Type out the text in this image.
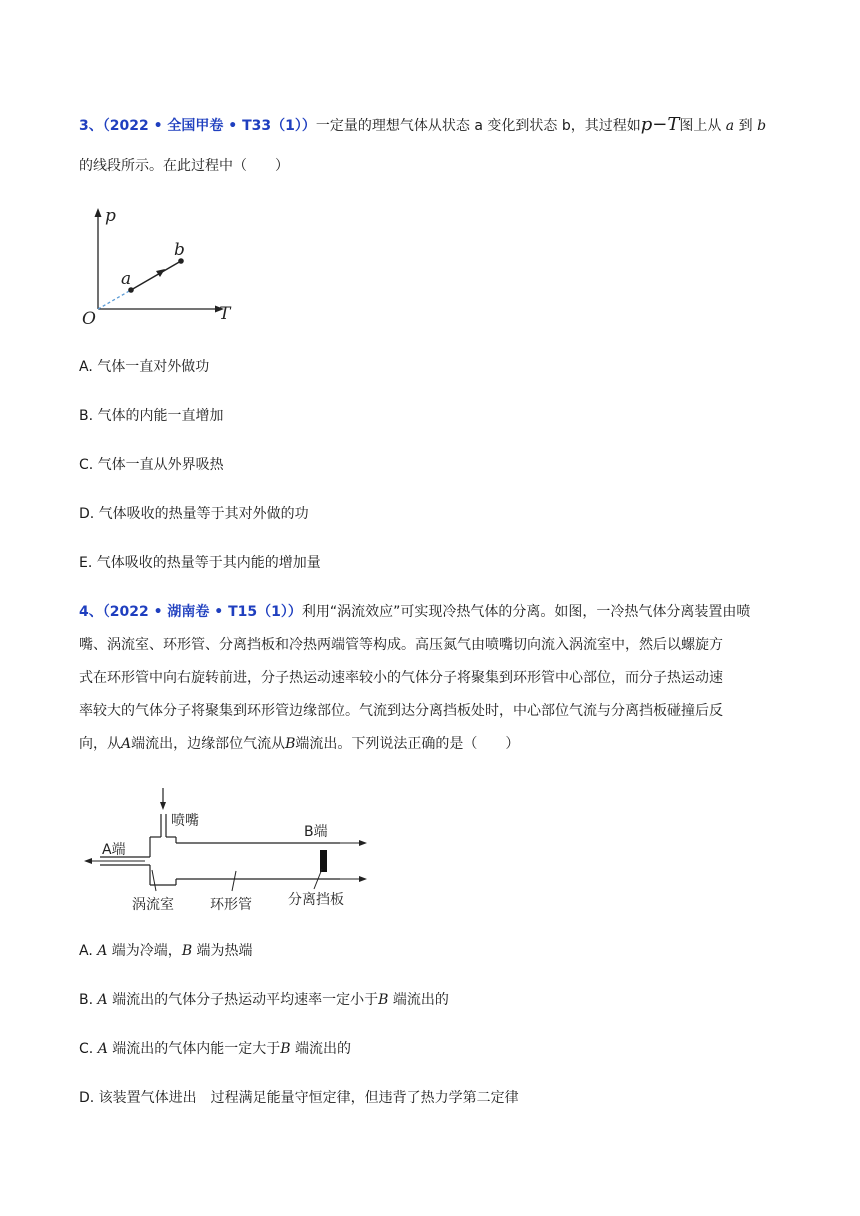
3、（2022 • 全国甲卷 • T33（1））一定量的理想气体从状态 a 变化到状态 b，其过程如p−T图上从 a 到 b
的线段所示。在此过程中（　　）
p
T
O
a
b
A. 气体一直对外做功
B. 气体的内能一直增加
C. 气体一直从外界吸热
D. 气体吸收的热量等于其对外做的功
E. 气体吸收的热量等于其内能的增加量
4、（2022 • 湖南卷 • T15（1））利用“涡流效应”可实现冷热气体的分离。如图，一冷热气体分离装置由喷
嘴、涡流室、环形管、分离挡板和冷热两端管等构成。高压氮气由喷嘴切向流入涡流室中，然后以螺旋方
式在环形管中向右旋转前进，分子热运动速率较小的气体分子将聚集到环形管中心部位，而分子热运动速
率较大的气体分子将聚集到环形管边缘部位。气流到达分离挡板处时，中心部位气流与分离挡板碰撞后反
向，从A端流出，边缘部位气流从B端流出。下列说法正确的是（　　）
喷嘴
A端
B端
涡流室	环形管	分离挡板
A. A 端为冷端，B 端为热端
B. A 端流出的气体分子热运动平均速率一定小于B 端流出的
C. A 端流出的气体内能一定大于B 端流出的
D. 该装置气体进出　过程满足能量守恒定律，但违背了热力学第二定律
